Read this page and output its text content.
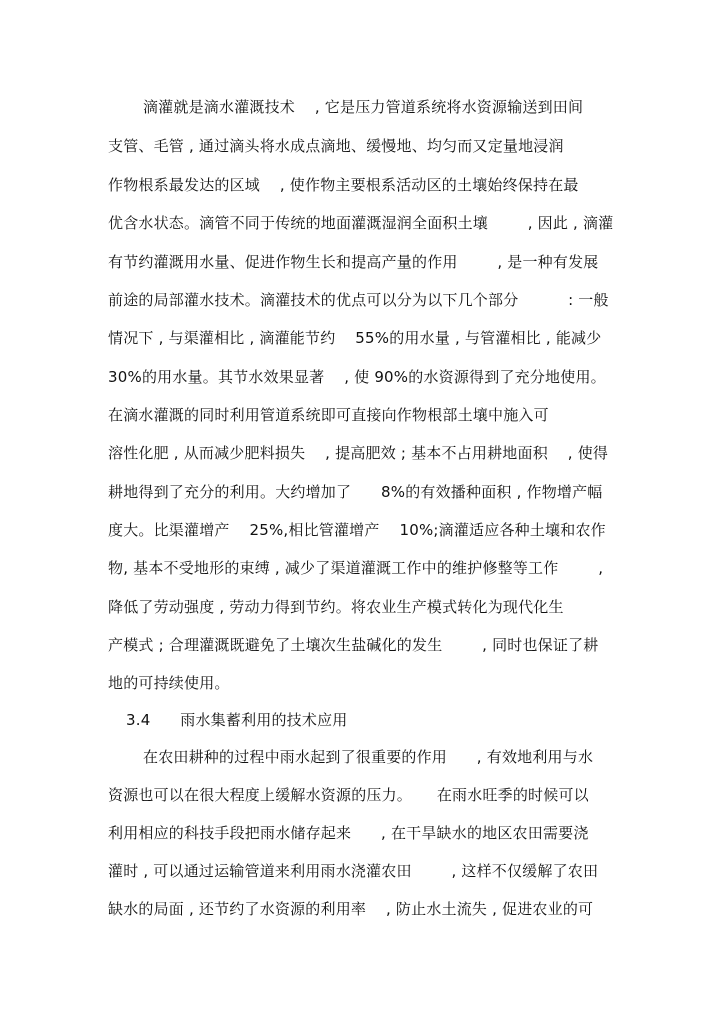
滴灌就是滴水灌溉技术    , 它是压力管道系统将水资源输送到田间
支管、毛管 , 通过滴头将水成点滴地、缓慢地、均匀而又定量地浸润
作物根系最发达的区域    , 使作物主要根系活动区的土壤始终保持在最
优含水状态。滴管不同于传统的地面灌溉湿润全面积土壤        , 因此 , 滴灌
有节约灌溉用水量、促进作物生长和提高产量的作用        , 是一种有发展
前途的局部灌水技术。滴灌技术的优点可以分为以下几个部分          : 一般
情况下 , 与渠灌相比 , 滴灌能节约    55%的用水量 , 与管灌相比 , 能减少
30%的用水量。其节水效果显著    , 使 90%的水资源得到了充分地使用。
在滴水灌溉的同时利用管道系统即可直接向作物根部土壤中施入可
溶性化肥 , 从而减少肥料损失    , 提高肥效 ; 基本不占用耕地面积    , 使得
耕地得到了充分的利用。大约增加了      8%的有效播种面积 , 作物增产幅
度大。比渠灌增产    25%,相比管灌增产    10%;滴灌适应各种土壤和农作
物, 基本不受地形的束缚 , 减少了渠道灌溉工作中的维护修整等工作        ,
降低了劳动强度 , 劳动力得到节约。将农业生产模式转化为现代化生
产模式 ; 合理灌溉既避免了土壤次生盐碱化的发生        , 同时也保证了耕
地的可持续使用。
3.4      雨水集蓄利用的技术应用
在农田耕种的过程中雨水起到了很重要的作用      , 有效地利用与水
资源也可以在很大程度上缓解水资源的压力。     在雨水旺季的时候可以
利用相应的科技手段把雨水储存起来      , 在干旱缺水的地区农田需要浇
灌时 , 可以通过运输管道来利用雨水浇灌农田        , 这样不仅缓解了农田
缺水的局面 , 还节约了水资源的利用率    , 防止水土流失 , 促进农业的可
